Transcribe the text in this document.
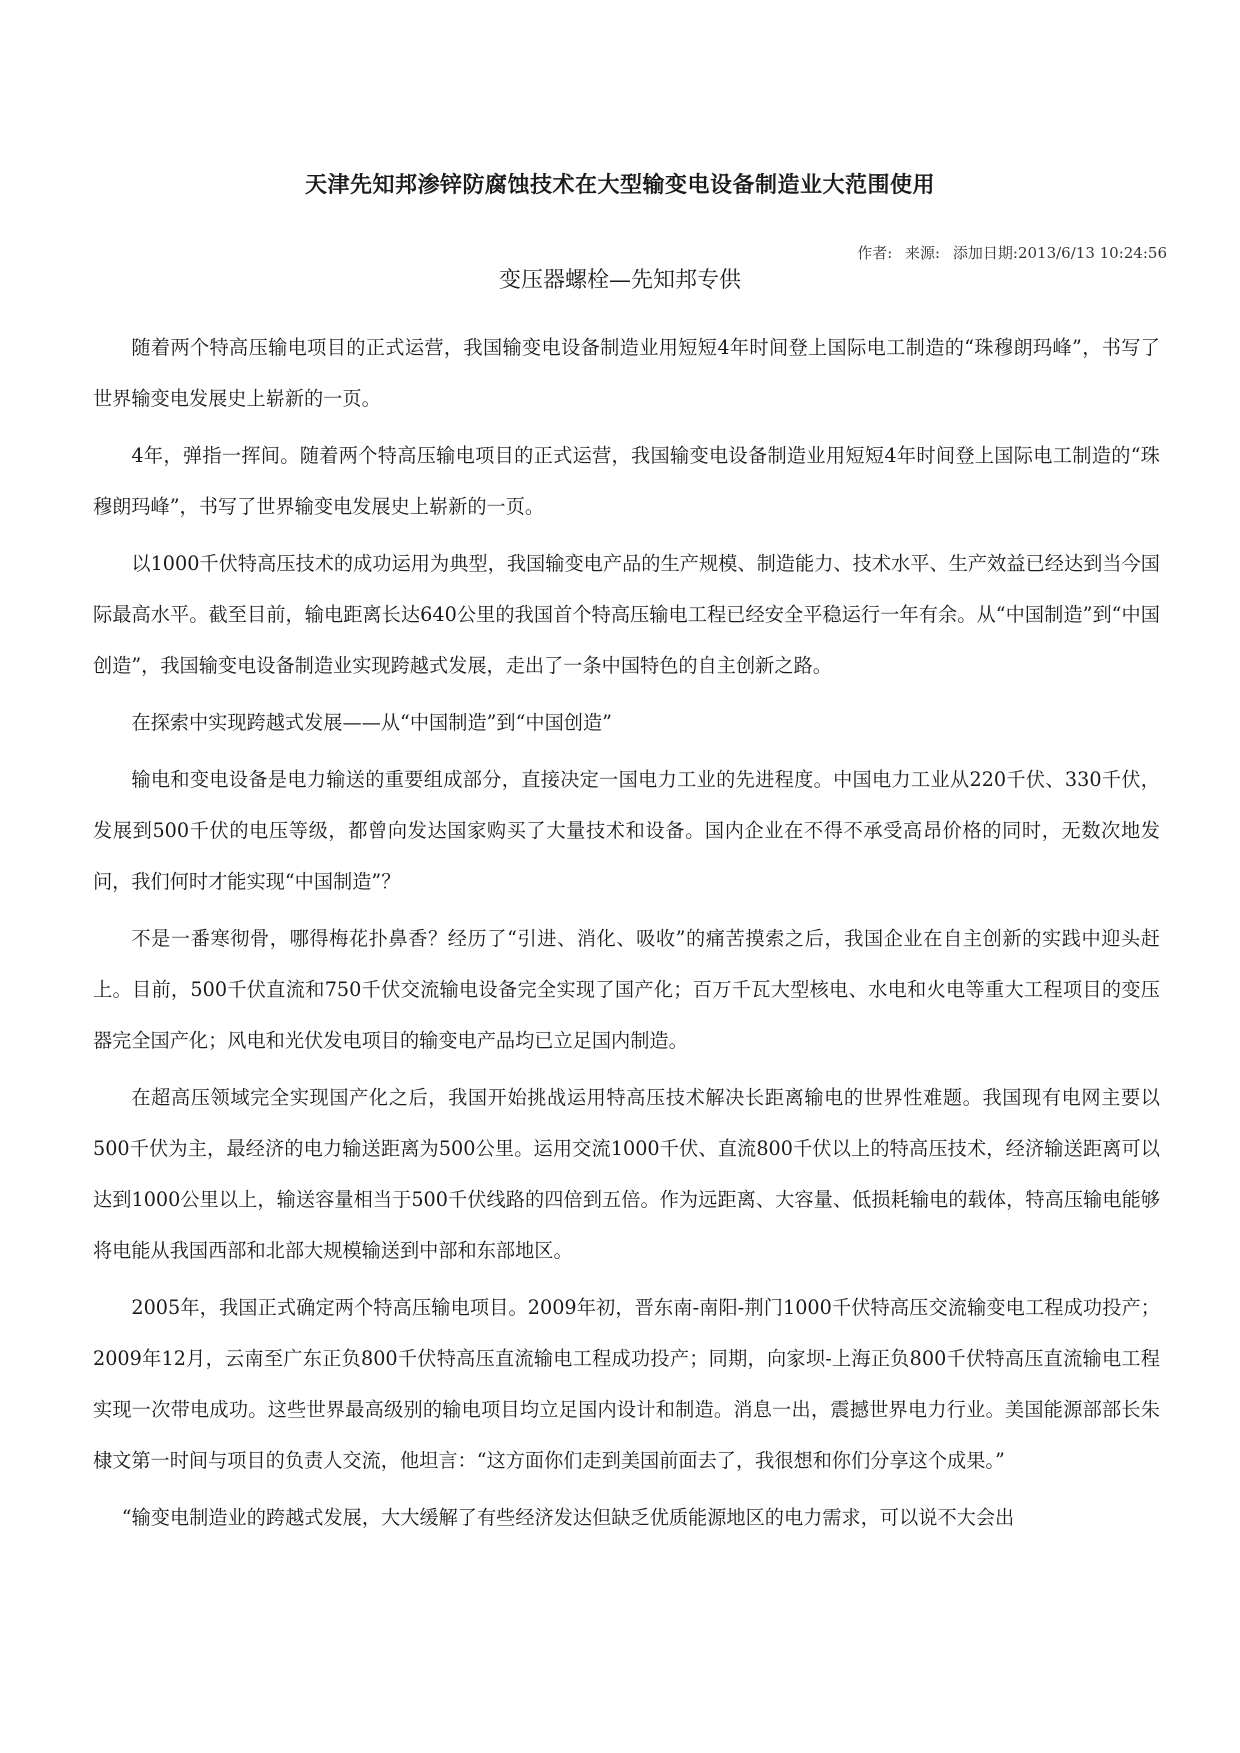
天津先知邦渗锌防腐蚀技术在大型输变电设备制造业大范围使用
作者: 来源: 添加日期:2013/6/13 10:24:56
变压器螺栓—先知邦专供

随着两个特高压输电项目的正式运营，我国输变电设备制造业用短短4年时间登上国际电工制造的“珠穆朗玛峰”，书写了世界输变电发展史上崭新的一页。

4年，弹指一挥间。随着两个特高压输电项目的正式运营，我国输变电设备制造业用短短4年时间登上国际电工制造的“珠穆朗玛峰”，书写了世界输变电发展史上崭新的一页。

以1000千伏特高压技术的成功运用为典型，我国输变电产品的生产规模、制造能力、技术水平、生产效益已经达到当今国际最高水平。截至目前，输电距离长达640公里的我国首个特高压输电工程已经安全平稳运行一年有余。从“中国制造”到“中国创造”，我国输变电设备制造业实现跨越式发展，走出了一条中国特色的自主创新之路。

在探索中实现跨越式发展——从“中国制造”到“中国创造”

输电和变电设备是电力输送的重要组成部分，直接决定一国电力工业的先进程度。中国电力工业从220千伏、330千伏，发展到500千伏的电压等级，都曾向发达国家购买了大量技术和设备。国内企业在不得不承受高昂价格的同时，无数次地发问，我们何时才能实现“中国制造”？

不是一番寒彻骨，哪得梅花扑鼻香？经历了“引进、消化、吸收”的痛苦摸索之后，我国企业在自主创新的实践中迎头赶上。目前，500千伏直流和750千伏交流输电设备完全实现了国产化；百万千瓦大型核电、水电和火电等重大工程项目的变压器完全国产化；风电和光伏发电项目的输变电产品均已立足国内制造。

在超高压领域完全实现国产化之后，我国开始挑战运用特高压技术解决长距离输电的世界性难题。我国现有电网主要以500千伏为主，最经济的电力输送距离为500公里。运用交流1000千伏、直流800千伏以上的特高压技术，经济输送距离可以达到1000公里以上，输送容量相当于500千伏线路的四倍到五倍。作为远距离、大容量、低损耗输电的载体，特高压输电能够将电能从我国西部和北部大规模输送到中部和东部地区。

2005年，我国正式确定两个特高压输电项目。2009年初，晋东南-南阳-荆门1000千伏特高压交流输变电工程成功投产；2009年12月，云南至广东正负800千伏特高压直流输电工程成功投产；同期，向家坝-上海正负800千伏特高压直流输电工程实现一次带电成功。这些世界最高级别的输电项目均立足国内设计和制造。消息一出，震撼世界电力行业。美国能源部部长朱棣文第一时间与项目的负责人交流，他坦言：“这方面你们走到美国前面去了，我很想和你们分享这个成果。”

“输变电制造业的跨越式发展，大大缓解了有些经济发达但缺乏优质能源地区的电力需求，可以说不大会出
